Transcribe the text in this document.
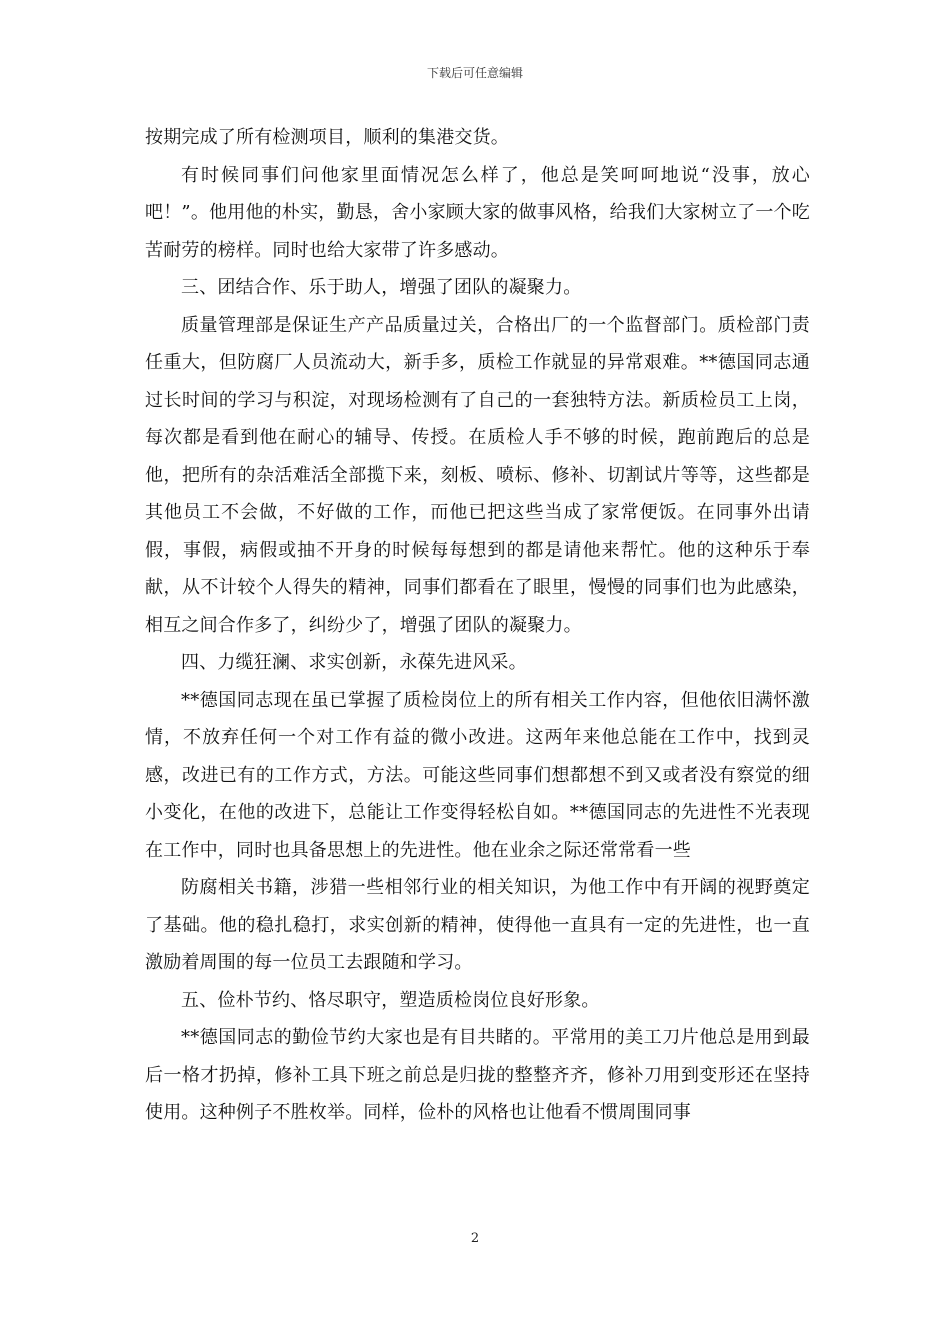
下载后可任意编辑

按期完成了所有检测项目，顺利的集港交货。

有时候同事们问他家里面情况怎么样了，他总是笑呵呵地说“没事，放心吧！”。他用他的朴实，勤恳，舍小家顾大家的做事风格，给我们大家树立了一个吃苦耐劳的榜样。同时也给大家带了许多感动。

三、团结合作、乐于助人，增强了团队的凝聚力。

质量管理部是保证生产产品质量过关，合格出厂的一个监督部门。质检部门责任重大，但防腐厂人员流动大，新手多，质检工作就显的异常艰难。**德国同志通过长时间的学习与积淀，对现场检测有了自己的一套独特方法。新质检员工上岗，每次都是看到他在耐心的辅导、传授。在质检人手不够的时候，跑前跑后的总是他，把所有的杂活难活全部揽下来，刻板、喷标、修补、切割试片等等，这些都是其他员工不会做，不好做的工作，而他已把这些当成了家常便饭。在同事外出请假，事假，病假或抽不开身的时候每每想到的都是请他来帮忙。他的这种乐于奉献，从不计较个人得失的精神，同事们都看在了眼里，慢慢的同事们也为此感染，相互之间合作多了，纠纷少了，增强了团队的凝聚力。

四、力缆狂澜、求实创新，永葆先进风采。

**德国同志现在虽已掌握了质检岗位上的所有相关工作内容，但他依旧满怀激情，不放弃任何一个对工作有益的微小改进。这两年来他总能在工作中，找到灵感，改进已有的工作方式，方法。可能这些同事们想都想不到又或者没有察觉的细小变化，在他的改进下，总能让工作变得轻松自如。**德国同志的先进性不光表现在工作中，同时也具备思想上的先进性。他在业余之际还常常看一些

防腐相关书籍，涉猎一些相邻行业的相关知识，为他工作中有开阔的视野奠定了基础。他的稳扎稳打，求实创新的精神，使得他一直具有一定的先进性，也一直激励着周围的每一位员工去跟随和学习。

五、俭朴节约、恪尽职守，塑造质检岗位良好形象。

**德国同志的勤俭节约大家也是有目共睹的。平常用的美工刀片他总是用到最后一格才扔掉，修补工具下班之前总是归拢的整整齐齐，修补刀用到变形还在坚持使用。这种例子不胜枚举。同样，俭朴的风格也让他看不惯周围同事

2
